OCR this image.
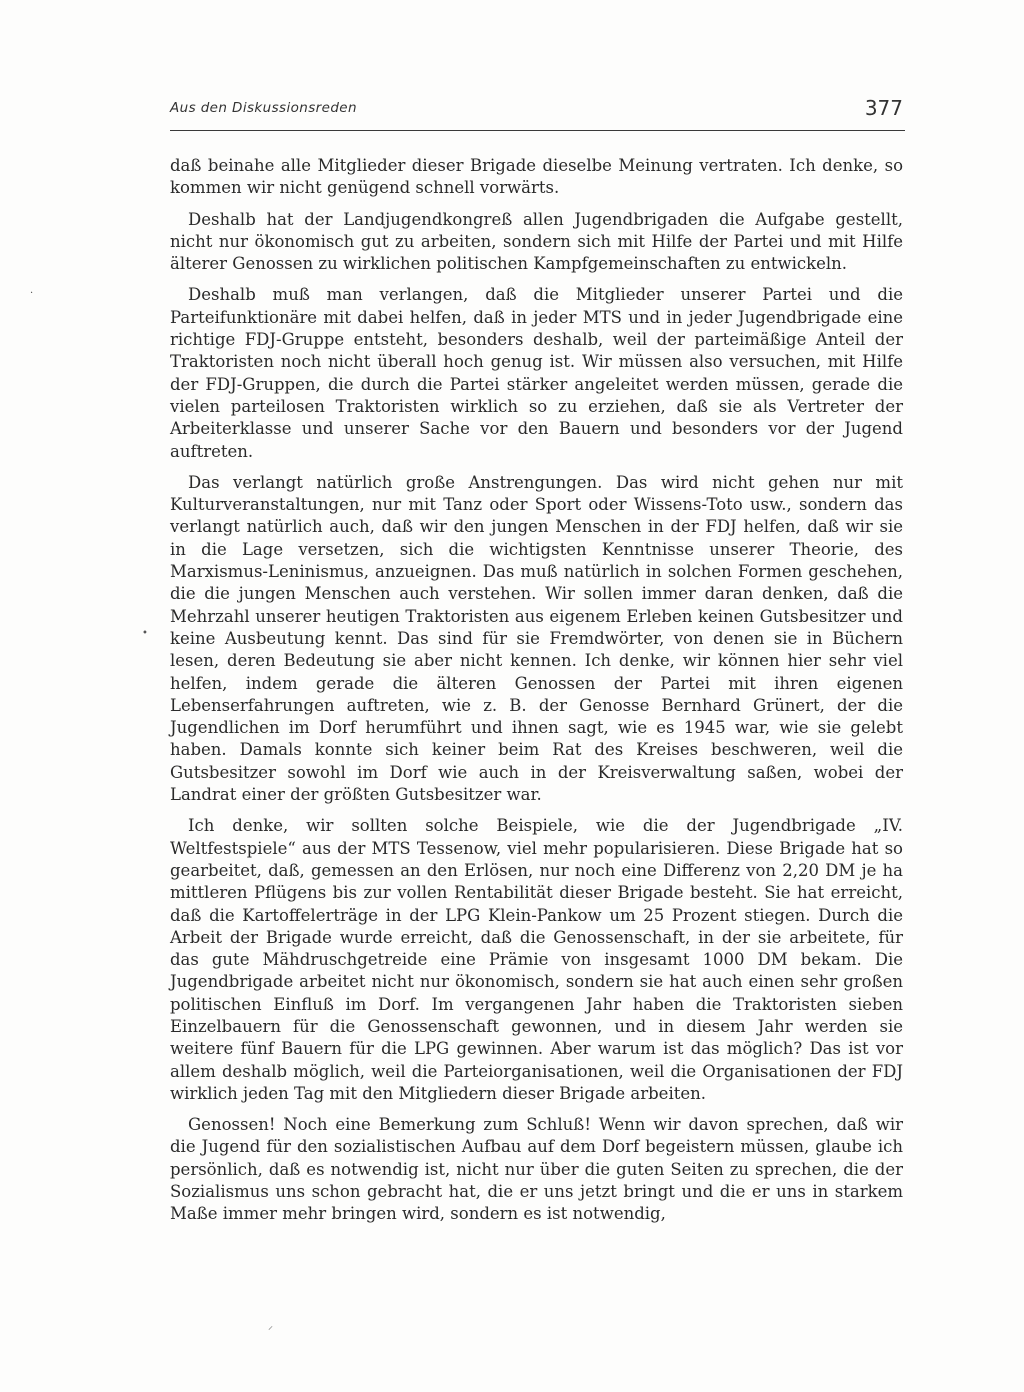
Aus den Diskussionsreden	377

daß beinahe alle Mitglieder dieser Brigade dieselbe Meinung vertraten. Ich denke, so kommen wir nicht genügend schnell vorwärts.

Deshalb hat der Landjugendkongreß allen Jugendbrigaden die Aufgabe gestellt, nicht nur ökonomisch gut zu arbeiten, sondern sich mit Hilfe der Partei und mit Hilfe älterer Genossen zu wirklichen politischen Kampfgemeinschaften zu entwickeln.

Deshalb muß man verlangen, daß die Mitglieder unserer Partei und die Parteifunktionäre mit dabei helfen, daß in jeder MTS und in jeder Jugendbrigade eine richtige FDJ-Gruppe entsteht, besonders deshalb, weil der parteimäßige Anteil der Traktoristen noch nicht überall hoch genug ist. Wir müssen also versuchen, mit Hilfe der FDJ-Gruppen, die durch die Partei stärker angeleitet werden müssen, gerade die vielen parteilosen Traktoristen wirklich so zu erziehen, daß sie als Vertreter der Arbeiterklasse und unserer Sache vor den Bauern und besonders vor der Jugend auftreten.

Das verlangt natürlich große Anstrengungen. Das wird nicht gehen nur mit Kulturveranstaltungen, nur mit Tanz oder Sport oder Wissens-Toto usw., sondern das verlangt natürlich auch, daß wir den jungen Menschen in der FDJ helfen, daß wir sie in die Lage versetzen, sich die wichtigsten Kenntnisse unserer Theorie, des Marxismus-Leninismus, anzueignen. Das muß natürlich in solchen Formen geschehen, die die jungen Menschen auch verstehen. Wir sollen immer daran denken, daß die Mehrzahl unserer heutigen Traktoristen aus eigenem Erleben keinen Gutsbesitzer und keine Ausbeutung kennt. Das sind für sie Fremdwörter, von denen sie in Büchern lesen, deren Bedeutung sie aber nicht kennen. Ich denke, wir können hier sehr viel helfen, indem gerade die älteren Genossen der Partei mit ihren eigenen Lebenserfahrungen auftreten, wie z. B. der Genosse Bernhard Grünert, der die Jugendlichen im Dorf herumführt und ihnen sagt, wie es 1945 war, wie sie gelebt haben. Damals konnte sich keiner beim Rat des Kreises beschweren, weil die Gutsbesitzer sowohl im Dorf wie auch in der Kreisverwaltung saßen, wobei der Landrat einer der größten Gutsbesitzer war.

Ich denke, wir sollten solche Beispiele, wie die der Jugendbrigade „IV. Weltfestspiele“ aus der MTS Tessenow, viel mehr popularisieren. Diese Brigade hat so gearbeitet, daß, gemessen an den Erlösen, nur noch eine Differenz von 2,20 DM je ha mittleren Pflügens bis zur vollen Rentabilität dieser Brigade besteht. Sie hat erreicht, daß die Kartoffelerträge in der LPG Klein-Pankow um 25 Prozent stiegen. Durch die Arbeit der Brigade wurde erreicht, daß die Genossenschaft, in der sie arbeitete, für das gute Mähdruschgetreide eine Prämie von insgesamt 1000 DM bekam. Die Jugendbrigade arbeitet nicht nur ökonomisch, sondern sie hat auch einen sehr großen politischen Einfluß im Dorf. Im vergangenen Jahr haben die Traktoristen sieben Einzelbauern für die Genossenschaft gewonnen, und in diesem Jahr werden sie weitere fünf Bauern für die LPG gewinnen. Aber warum ist das möglich? Das ist vor allem deshalb möglich, weil die Parteiorganisationen, weil die Organisationen der FDJ wirklich jeden Tag mit den Mitgliedern dieser Brigade arbeiten.

Genossen! Noch eine Bemerkung zum Schluß! Wenn wir davon sprechen, daß wir die Jugend für den sozialistischen Aufbau auf dem Dorf begeistern müssen, glaube ich persönlich, daß es notwendig ist, nicht nur über die guten Seiten zu sprechen, die der Sozialismus uns schon gebracht hat, die er uns jetzt bringt und die er uns in starkem Maße immer mehr bringen wird, sondern es ist notwendig,

•
·
⸝
